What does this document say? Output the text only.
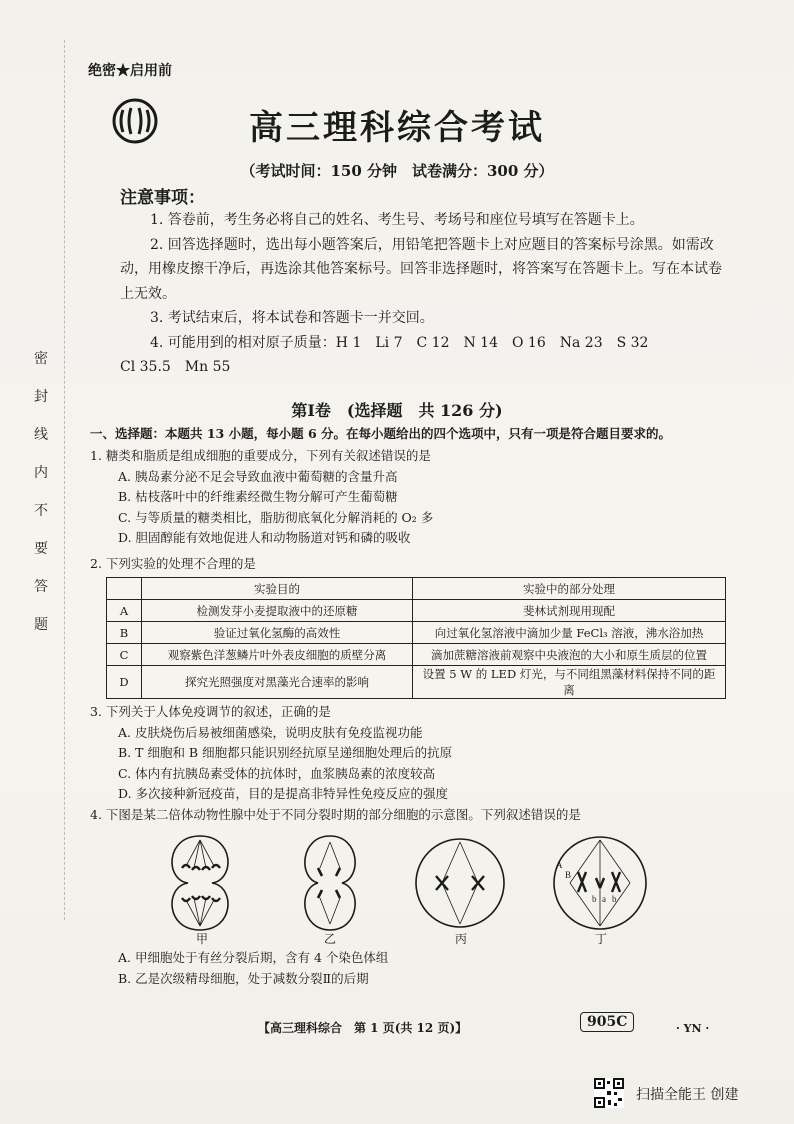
密
封
线
内
不
要
答
题
绝密★启用前
高三理科综合考试
（考试时间：150 分钟　试卷满分：300 分）
注意事项：

1. 答卷前，考生务必将自己的姓名、考生号、考场号和座位号填写在答题卡上。

2. 回答选择题时，选出每小题答案后，用铅笔把答题卡上对应题目的答案标号涂黑。如需改动，用橡皮擦干净后，再选涂其他答案标号。回答非选择题时，将答案写在答题卡上。写在本试卷上无效。

3. 考试结束后，将本试卷和答题卡一并交回。

4. 可能用到的相对原子质量：H 1　Li 7　C 12　N 14　O 16　Na 23　S 32

Cl 35.5　Mn 55

第Ⅰ卷　(选择题　共 126 分)
一、选择题：本题共 13 小题，每小题 6 分。在每小题给出的四个选项中，只有一项是符合题目要求的。

1. 糖类和脂质是组成细胞的重要成分，下列有关叙述错误的是

A. 胰岛素分泌不足会导致血液中葡萄糖的含量升高

B. 枯枝落叶中的纤维素经微生物分解可产生葡萄糖

C. 与等质量的糖类相比，脂肪彻底氧化分解消耗的 O₂ 多

D. 胆固醇能有效地促进人和动物肠道对钙和磷的吸收

2. 下列实验的处理不合理的是

	实验目的	实验中的部分处理
A	检测发芽小麦提取液中的还原糖	斐林试剂现用现配
B	验证过氧化氢酶的高效性	向过氧化氢溶液中滴加少量 FeCl₃ 溶液，沸水浴加热
C	观察紫色洋葱鳞片叶外表皮细胞的质壁分离	滴加蔗糖溶液前观察中央液泡的大小和原生质层的位置
D	探究光照强度对黑藻光合速率的影响	设置 5 W 的 LED 灯光，与不同组黑藻材料保持不同的距离

3. 下列关于人体免疫调节的叙述，正确的是

A. 皮肤烧伤后易被细菌感染，说明皮肤有免疫监视功能

B. T 细胞和 B 细胞都只能识别经抗原呈递细胞处理后的抗原

C. 体内有抗胰岛素受体的抗体时，血浆胰岛素的浓度较高

D. 多次接种新冠疫苗，目的是提高非特异性免疫反应的强度

4. 下图是某二倍体动物性腺中处于不同分裂时期的部分细胞的示意图。下列叙述错误的是

A
B
b a b
甲	乙	丙	丁

A. 甲细胞处于有丝分裂后期，含有 4 个染色体组

B. 乙是次级精母细胞，处于减数分裂Ⅱ的后期

【高三理科综合　第 1 页(共 12 页)】	905C	· YN ·
扫描全能王 创建
